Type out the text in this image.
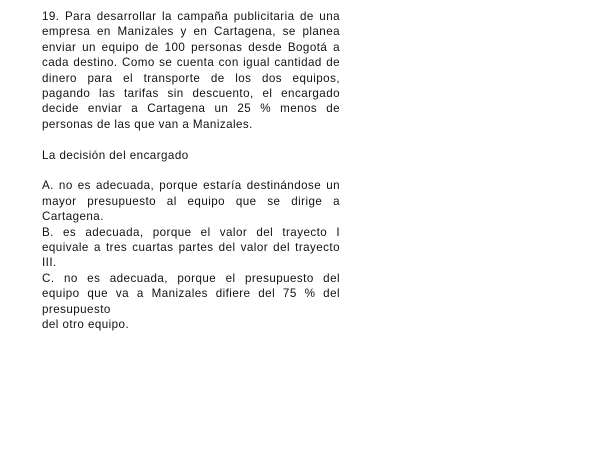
19. Para desarrollar la campaña publicitaria de una empresa en Manizales y en Cartagena, se planea enviar un equipo de 100 personas desde Bogotá a cada destino. Como se cuenta con igual cantidad de dinero para el transporte de los dos equipos, pagando las tarifas sin descuento, el encargado decide enviar a Cartagena un 25 % menos de personas de las que van a Manizales.

La decisión del encargado

A. no es adecuada, porque estaría destinándose un mayor presupuesto al equipo que se dirige a Cartagena.

B. es adecuada, porque el valor del trayecto I equivale a tres cuartas partes del valor del trayecto III.

C. no es adecuada, porque el presupuesto del equipo que va a Manizales difiere del 75 % del presupuesto

del otro equipo.
